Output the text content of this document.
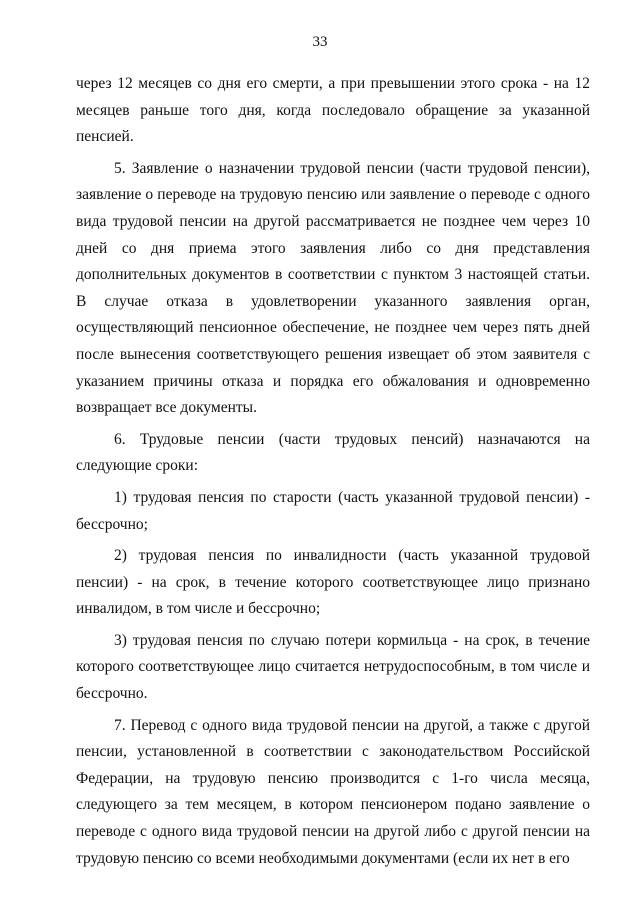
33

через 12 месяцев со дня его смерти, а при превышении этого срока - на 12 месяцев раньше того дня, когда последовало обращение за указанной пенсией.

5. Заявление о назначении трудовой пенсии (части трудовой пенсии), заявление о переводе на трудовую пенсию или заявление о переводе с одного вида трудовой пенсии на другой рассматривается не позднее чем через 10 дней со дня приема этого заявления либо со дня представления дополнительных документов в соответствии с пунктом 3 настоящей статьи. В случае отказа в удовлетворении указанного заявления орган, осуществляющий пенсионное обеспечение, не позднее чем через пять дней после вынесения соответствующего решения извещает об этом заявителя с указанием причины отказа и порядка его обжалования и одновременно возвращает все документы.

6. Трудовые пенсии (части трудовых пенсий) назначаются на следующие сроки:

1) трудовая пенсия по старости (часть указанной трудовой пенсии) - бессрочно;

2) трудовая пенсия по инвалидности (часть указанной трудовой пенсии) - на срок, в течение которого соответствующее лицо признано инвалидом, в том числе и бессрочно;

3) трудовая пенсия по случаю потери кормильца - на срок, в течение которого соответствующее лицо считается нетрудоспособным, в том числе и бессрочно.

7. Перевод с одного вида трудовой пенсии на другой, а также с другой пенсии, установленной в соответствии с законодательством Российской Федерации, на трудовую пенсию производится с 1-го числа месяца, следующего за тем месяцем, в котором пенсионером подано заявление о переводе с одного вида трудовой пенсии на другой либо с другой пенсии на трудовую пенсию со всеми необходимыми документами (если их нет в его
